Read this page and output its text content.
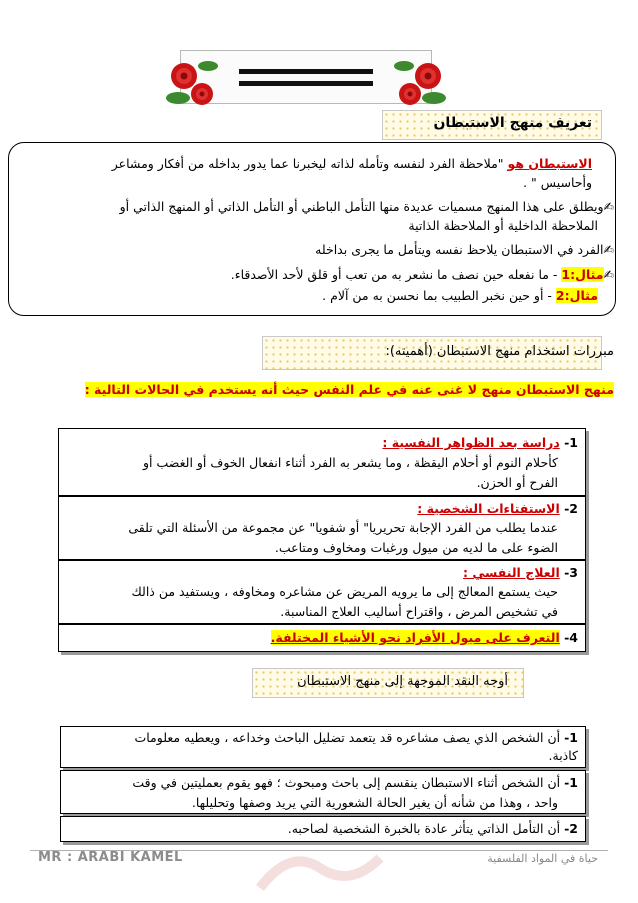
تعريف منهج الاستبطان
الاستبطان هو "ملاحظة الفرد لنفسه وتأمله لذاته ليخبرنا عما يدور بداخله من أفكار ومشاعر
وأحاسيس " .
✍ويطلق على هذا المنهج مسميات عديدة منها التأمل الباطني أو التأمل الذاتي أو المنهج الذاتي أو
الملاحظة الداخلية أو الملاحظة الذاتية
✍الفرد في الاستبطان يلاحظ نفسه ويتأمل ما يجرى بداخله
✍مثال:1 - ما نفعله حين نصف ما نشعر به من تعب أو قلق لأحد الأصدقاء.
مثال:2 - أو حين نخبر الطبيب بما نحسن به من آلام .
مبررات استخدام منهج الاستبطان (أهميته):
منهج الاستبطان منهج لا غنى عنه في علم النفس حيث أنه يستخدم في الحالات التالية :
1- دراسة بعد الظواهر النفسية :
كأحلام النوم أو أحلام اليقظة ، وما يشعر به الفرد أثناء انفعال الخوف أو الغضب أو
الفرح أو الحزن.
2- الاستفتاءات الشخصية :
عندما يطلب من الفرد الإجابة تحريريا" أو شفويا" عن مجموعة من الأسئلة التي تلقى
الضوء على ما لديه من ميول ورغبات ومخاوف ومتاعب.
3- العلاج النفسي :
حيث يستمع المعالج إلى ما يرويه المريض عن مشاعره ومخاوفه ، ويستفيد من ذالك
في تشخيص المرض ، واقتراح أساليب العلاج المناسبة.
4- التعرف على ميول الأفراد نحو الأشياء المختلفة.
أوجه النقد الموجهة إلى منهج الاستبطان
1- أن الشخص الذي يصف مشاعره قد يتعمد تضليل الباحث وخداعه ، ويعطيه معلومات
كاذبة.
1- أن الشخص أثناء الاستبطان ينقسم إلى باحث ومبحوث ؛ فهو يقوم بعمليتين في وقت
واحد ، وهذا من شأنه أن يغير الحالة الشعورية التي يريد وصفها وتحليلها.
2- أن التأمل الذاتي يتأثر عادة بالخبرة الشخصية لصاحبه.
MR : ARABI KAMEL	حياة في المواد الفلسفية
